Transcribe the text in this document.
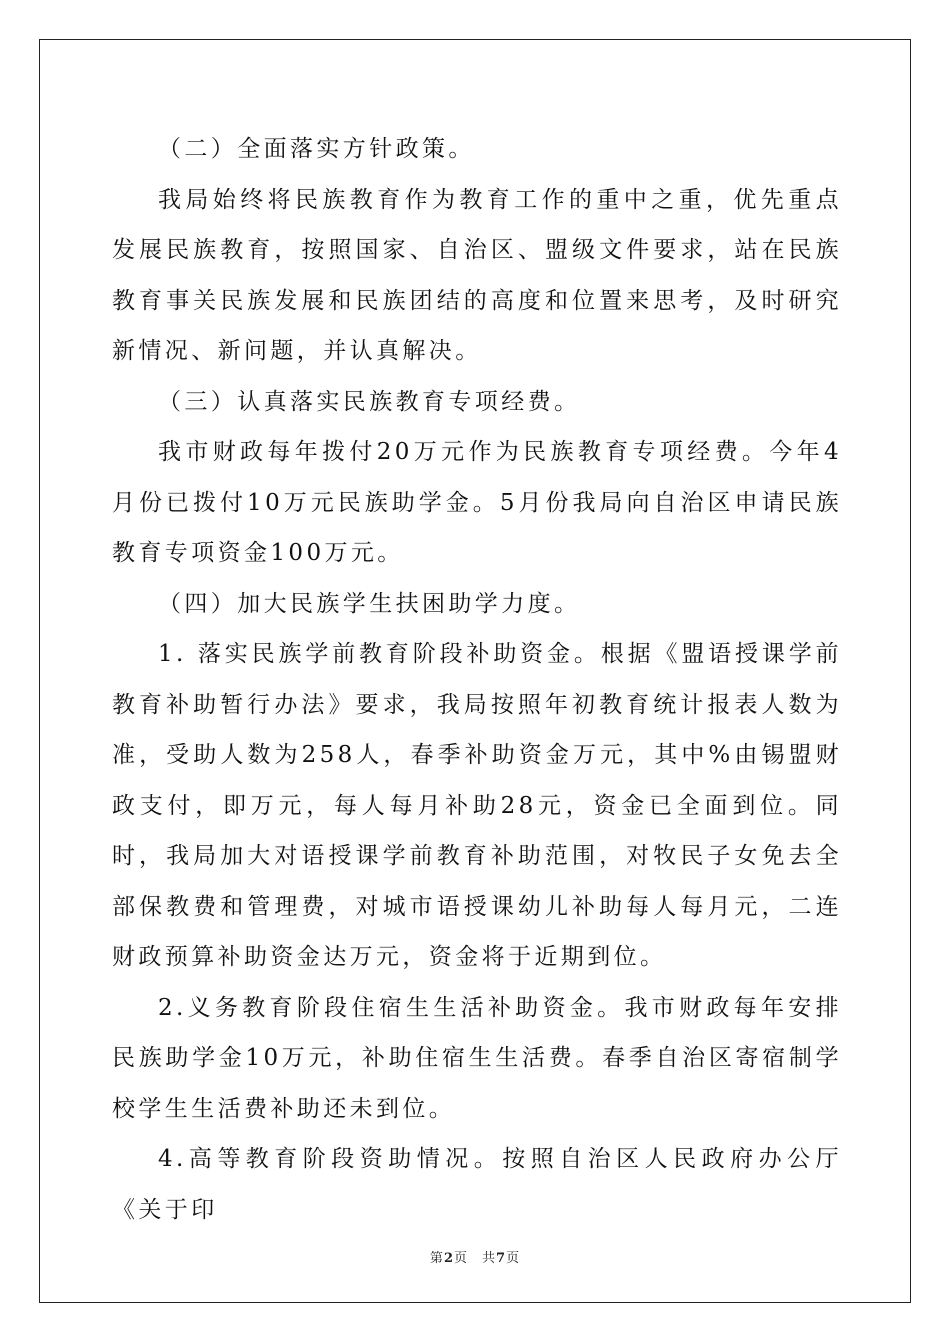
（二）全面落实方针政策。

我局始终将民族教育作为教育工作的重中之重，优先重点发展民族教育，按照国家、自治区、盟级文件要求，站在民族教育事关民族发展和民族团结的高度和位置来思考，及时研究新情况、新问题，并认真解决。

（三）认真落实民族教育专项经费。

我市财政每年拨付20万元作为民族教育专项经费。今年4月份已拨付10万元民族助学金。5月份我局向自治区申请民族教育专项资金100万元。

（四）加大民族学生扶困助学力度。

1. 落实民族学前教育阶段补助资金。根据《盟语授课学前教育补助暂行办法》要求，我局按照年初教育统计报表人数为准，受助人数为258人，春季补助资金万元，其中%由锡盟财政支付，即万元，每人每月补助28元，资金已全面到位。同时，我局加大对语授课学前教育补助范围，对牧民子女免去全部保教费和管理费，对城市语授课幼儿补助每人每月元，二连财政预算补助资金达万元，资金将于近期到位。

2.义务教育阶段住宿生生活补助资金。我市财政每年安排民族助学金10万元，补助住宿生生活费。春季自治区寄宿制学校学生生活费补助还未到位。

4.高等教育阶段资助情况。按照自治区人民政府办公厅《关于印

第2页 共7页
